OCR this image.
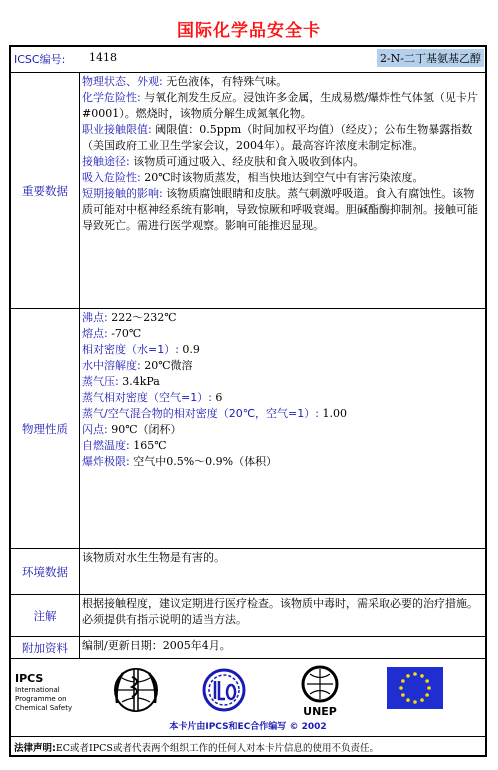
国际化学品安全卡
ICSC编号: 1418	2-N-二丁基氨基乙醇
重要数据
物理状态、外观: 无色液体，有特殊气味。
化学危险性: 与氧化剂发生反应。浸蚀许多金属，生成易燃/爆炸性气体氢（见卡片#0001）。燃烧时，该物质分解生成氮氧化物。
职业接触限值: 阈限值：0.5ppm（时间加权平均值）（经皮）；公布生物暴露指数（美国政府工业卫生学家会议，2004年）。最高容许浓度未制定标准。
接触途径: 该物质可通过吸入、经皮肤和食入吸收到体内。
吸入危险性: 20℃时该物质蒸发，相当快地达到空气中有害污染浓度。
短期接触的影响: 该物质腐蚀眼睛和皮肤。蒸气刺激呼吸道。食入有腐蚀性。该物质可能对中枢神经系统有影响，导致惊厥和呼吸衰竭。胆碱酯酶抑制剂。接触可能导致死亡。需进行医学观察。影响可能推迟显现。
物理性质
沸点: 222～232℃
熔点: -70℃
相对密度（水=1）: 0.9
水中溶解度: 20℃微溶
蒸气压: 3.4kPa
蒸气相对密度（空气=1）: 6
蒸气/空气混合物的相对密度（20℃，空气=1）: 1.00
闪点: 90℃（闭杯）
自燃温度: 165℃
爆炸极限: 空气中0.5%～0.9%（体积）
环境数据
该物质对水生生物是有害的。
注解
根据接触程度，建议定期进行医疗检查。该物质中毒时，需采取必要的治疗措施。必须提供有指示说明的适当方法。
附加资料	编制/更新日期：2005年4月。
IPCS
International
Programme on
Chemical Safety	UNEP
本卡片由IPCS和EC合作编写 © 2002
法律声明:EC或者IPCS或者代表两个组织工作的任何人对本卡片信息的使用不负责任。
